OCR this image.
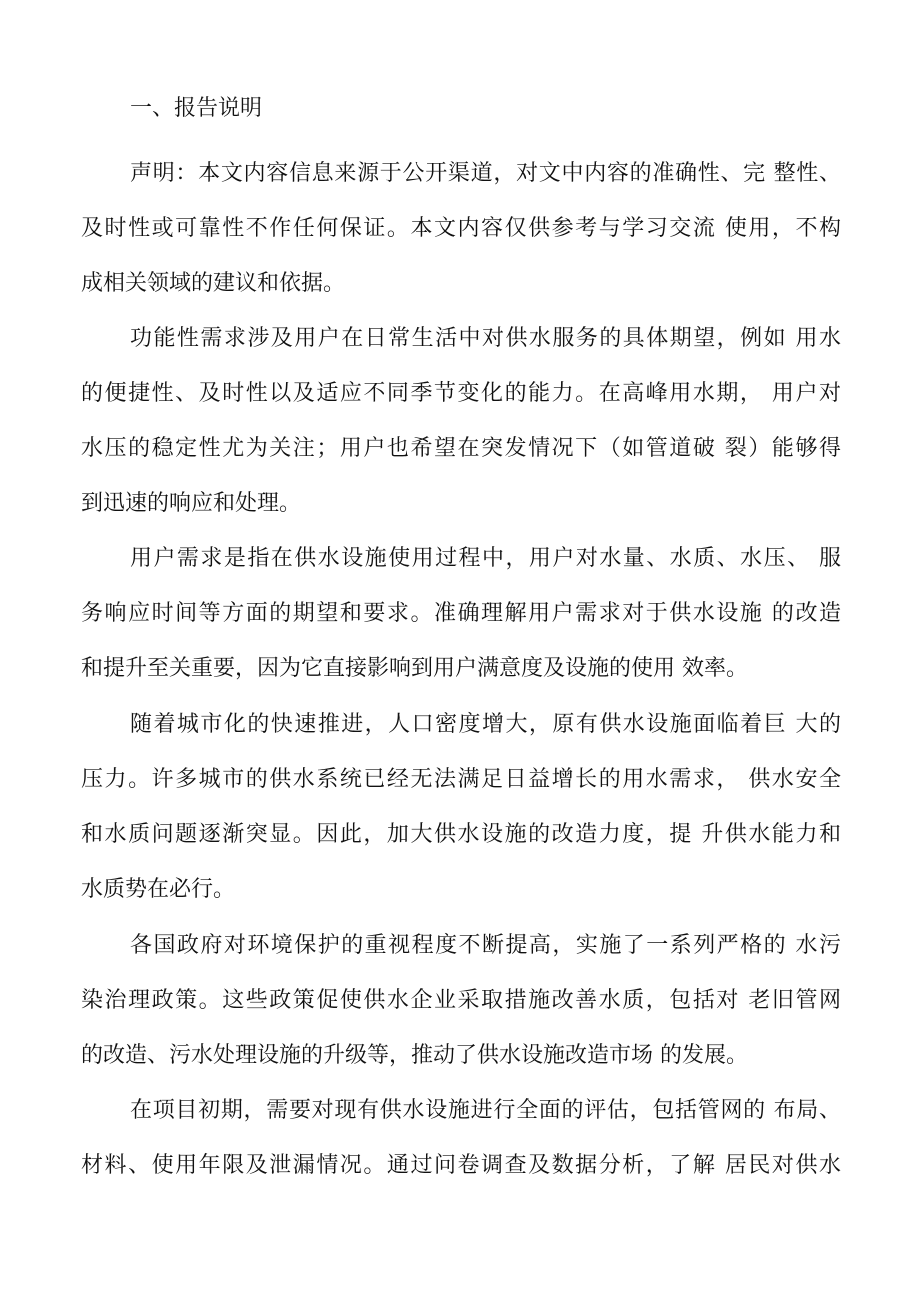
一、报告说明
声明：本文内容信息来源于公开渠道，对文中内容的准确性、完 整性、
及时性或可靠性不作任何保证。本文内容仅供参考与学习交流 使用，不构
成相关领域的建议和依据。
功能性需求涉及用户在日常生活中对供水服务的具体期望，例如 用水
的便捷性、及时性以及适应不同季节变化的能力。在高峰用水期， 用户对
水压的稳定性尤为关注；用户也希望在突发情况下（如管道破 裂）能够得
到迅速的响应和处理。
用户需求是指在供水设施使用过程中，用户对水量、水质、水压、 服
务响应时间等方面的期望和要求。准确理解用户需求对于供水设施 的改造
和提升至关重要，因为它直接影响到用户满意度及设施的使用 效率。
随着城市化的快速推进，人口密度增大，原有供水设施面临着巨 大的
压力。许多城市的供水系统已经无法满足日益增长的用水需求， 供水安全
和水质问题逐渐突显。因此，加大供水设施的改造力度，提 升供水能力和
水质势在必行。
各国政府对环境保护的重视程度不断提高，实施了一系列严格的 水污
染治理政策。这些政策促使供水企业采取措施改善水质，包括对 老旧管网
的改造、污水处理设施的升级等，推动了供水设施改造市场 的发展。
在项目初期，需要对现有供水设施进行全面的评估，包括管网的 布局、
材料、使用年限及泄漏情况。通过问卷调查及数据分析，了解 居民对供水
